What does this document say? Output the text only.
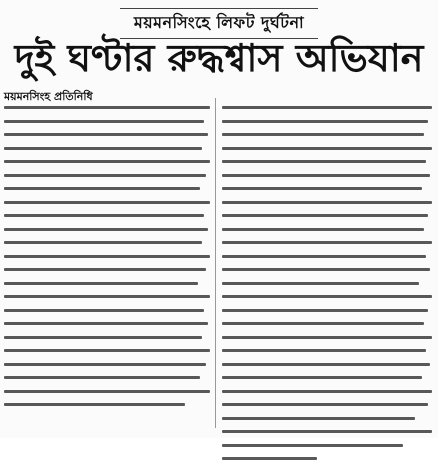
ময়মনসিংহে লিফট দুর্ঘটনা
দুই ঘণ্টার রুদ্ধশ্বাস অভিযান
ময়মনসিংহ প্রতিনিধি
